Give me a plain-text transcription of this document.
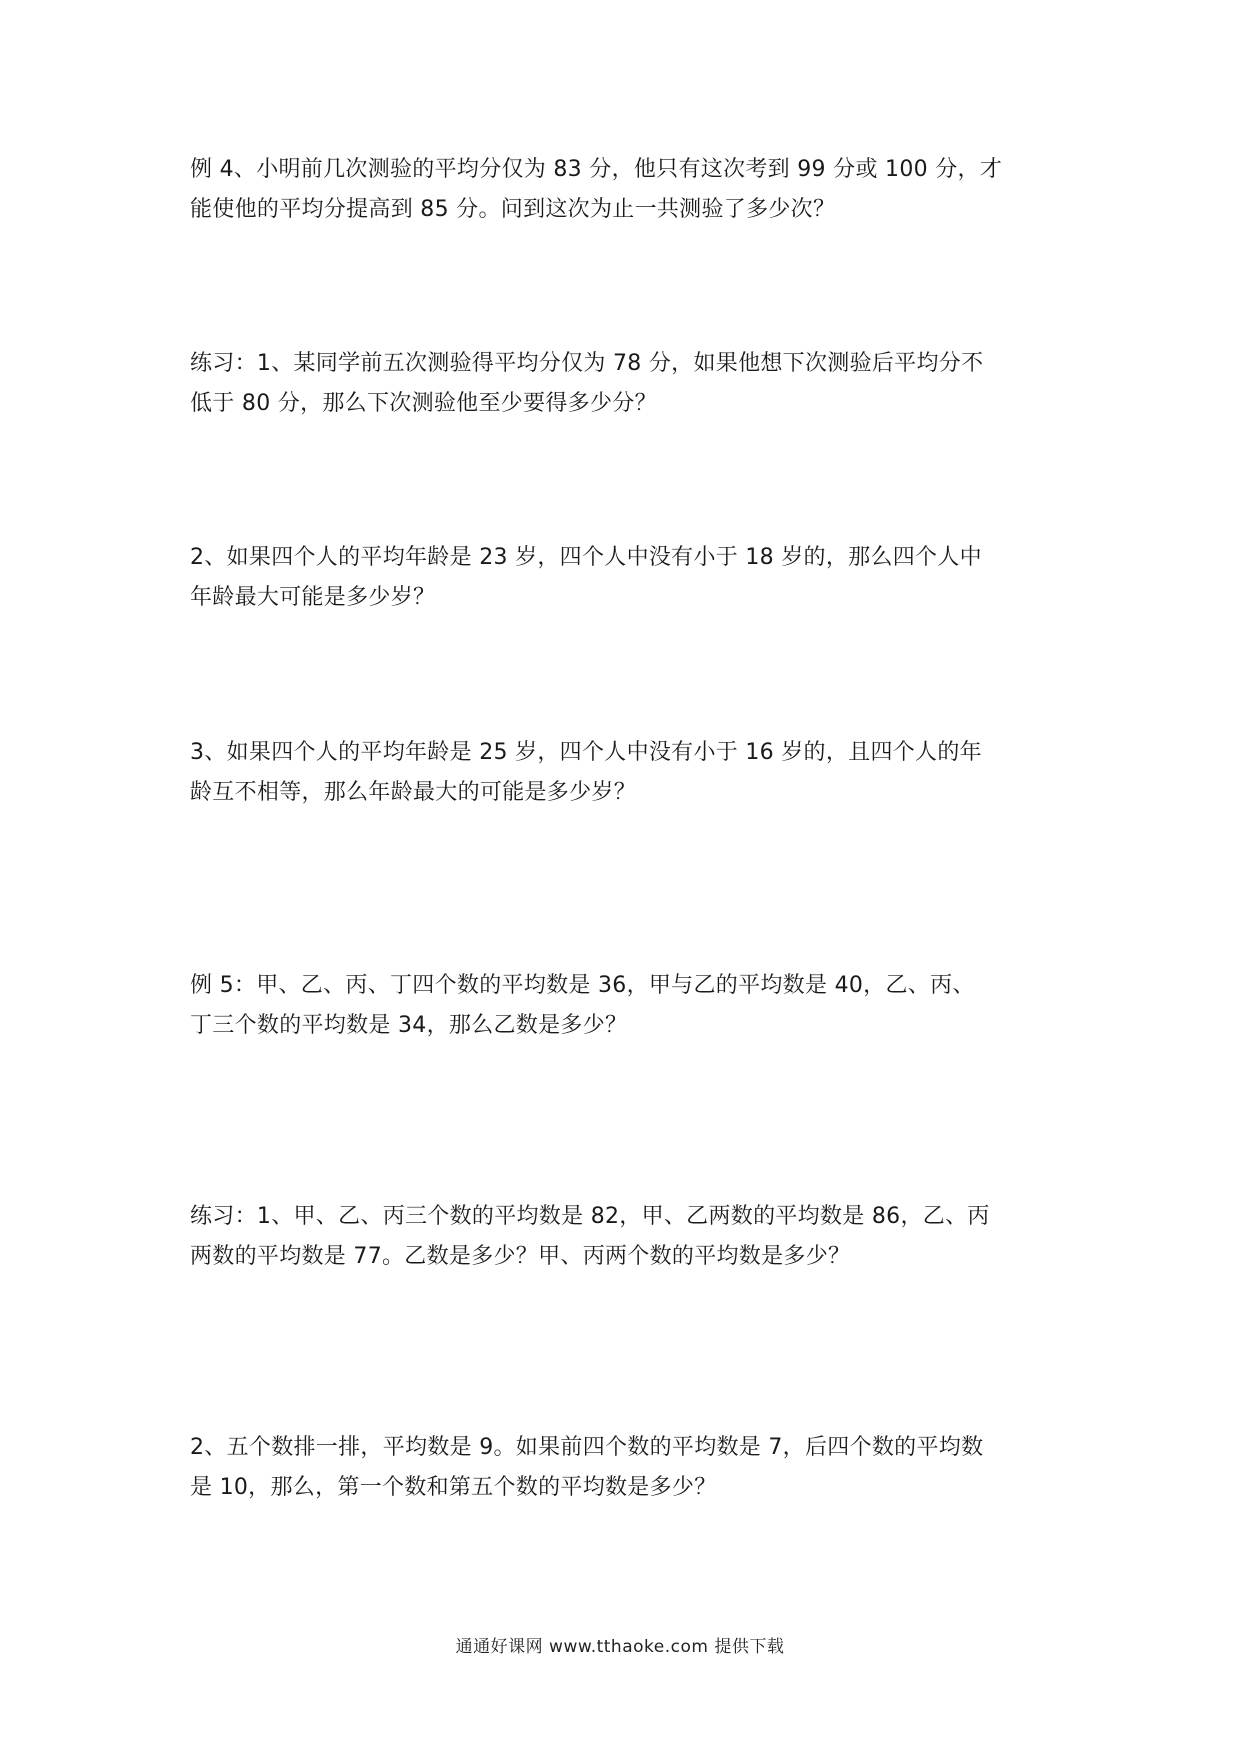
例 4、小明前几次测验的平均分仅为 83 分，他只有这次考到 99 分或 100 分，才
能使他的平均分提高到 85 分。问到这次为止一共测验了多少次？

练习：1、某同学前五次测验得平均分仅为 78 分，如果他想下次测验后平均分不
低于 80 分，那么下次测验他至少要得多少分？

2、如果四个人的平均年龄是 23 岁，四个人中没有小于 18 岁的，那么四个人中
年龄最大可能是多少岁？

3、如果四个人的平均年龄是 25 岁，四个人中没有小于 16 岁的，且四个人的年
龄互不相等，那么年龄最大的可能是多少岁？

例 5：甲、乙、丙、丁四个数的平均数是 36，甲与乙的平均数是 40，乙、丙、
丁三个数的平均数是 34，那么乙数是多少？

练习：1、甲、乙、丙三个数的平均数是 82，甲、乙两数的平均数是 86，乙、丙
两数的平均数是 77。乙数是多少？甲、丙两个数的平均数是多少？

2、五个数排一排，平均数是 9。如果前四个数的平均数是 7，后四个数的平均数
是 10，那么，第一个数和第五个数的平均数是多少？

通通好课网 www.tthaoke.com 提供下载
